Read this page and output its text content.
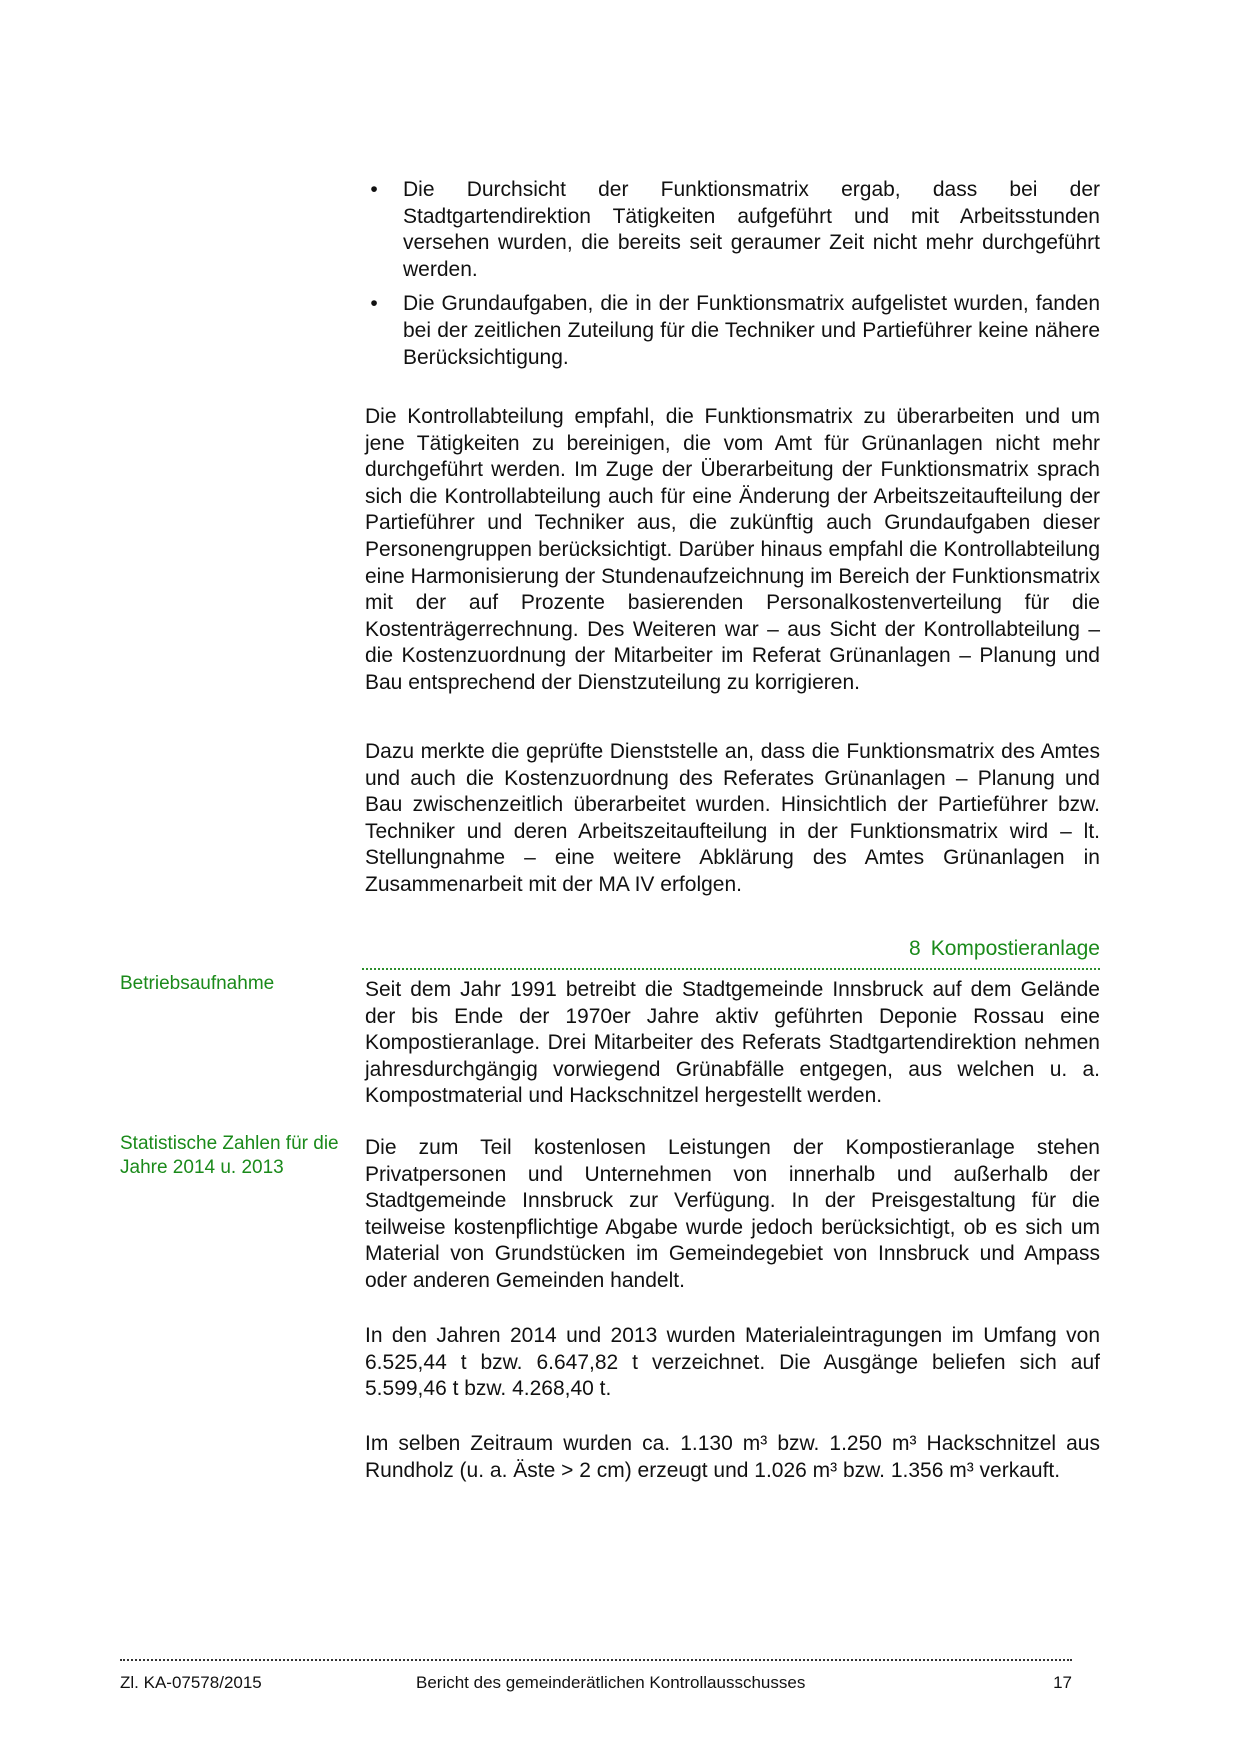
• Die Durchsicht der Funktionsmatrix ergab, dass bei der Stadtgartendirektion Tätigkeiten aufgeführt und mit Arbeitsstunden versehen wurden, die bereits seit geraumer Zeit nicht mehr durchgeführt werden.

• Die Grundaufgaben, die in der Funktionsmatrix aufgelistet wurden, fanden bei der zeitlichen Zuteilung für die Techniker und Partieführer keine nähere Berücksichtigung.

Die Kontrollabteilung empfahl, die Funktionsmatrix zu überarbeiten und um jene Tätigkeiten zu bereinigen, die vom Amt für Grünanlagen nicht mehr durchgeführt werden. Im Zuge der Überarbeitung der Funktionsmatrix sprach sich die Kontrollabteilung auch für eine Änderung der Arbeitszeitaufteilung der Partieführer und Techniker aus, die zukünftig auch Grundaufgaben dieser Personengruppen berücksichtigt. Darüber hinaus empfahl die Kontrollabteilung eine Harmonisierung der Stundenaufzeichnung im Bereich der Funktionsmatrix mit der auf Prozente basierenden Personalkostenverteilung für die Kostenträgerrechnung. Des Weiteren war – aus Sicht der Kontrollabteilung – die Kostenzuordnung der Mitarbeiter im Referat Grünanlagen – Planung und Bau entsprechend der Dienstzuteilung zu korrigieren.

Dazu merkte die geprüfte Dienststelle an, dass die Funktionsmatrix des Amtes und auch die Kostenzuordnung des Referates Grünanlagen – Planung und Bau zwischenzeitlich überarbeitet wurden. Hinsichtlich der Partieführer bzw. Techniker und deren Arbeitszeitaufteilung in der Funktionsmatrix wird – lt. Stellungnahme – eine weitere Abklärung des Amtes Grünanlagen in Zusammenarbeit mit der MA IV erfolgen.

8 Kompostieranlage
Betriebsaufnahme	Seit dem Jahr 1991 betreibt die Stadtgemeinde Innsbruck auf dem Gelände der bis Ende der 1970er Jahre aktiv geführten Deponie Rossau eine Kompostieranlage. Drei Mitarbeiter des Referats Stadtgartendirektion nehmen jahresdurchgängig vorwiegend Grünabfälle entgegen, aus welchen u. a. Kompostmaterial und Hackschnitzel hergestellt werden.

Statistische Zahlen für die Jahre 2014 u. 2013

Die zum Teil kostenlosen Leistungen der Kompostieranlage stehen Privatpersonen und Unternehmen von innerhalb und außerhalb der Stadtgemeinde Innsbruck zur Verfügung. In der Preisgestaltung für die teilweise kostenpflichtige Abgabe wurde jedoch berücksichtigt, ob es sich um Material von Grundstücken im Gemeindegebiet von Innsbruck und Ampass oder anderen Gemeinden handelt.

In den Jahren 2014 und 2013 wurden Materialeintragungen im Umfang von 6.525,44 t bzw. 6.647,82 t verzeichnet. Die Ausgänge beliefen sich auf 5.599,46 t bzw. 4.268,40 t.

Im selben Zeitraum wurden ca. 1.130 m³ bzw. 1.250 m³ Hackschnitzel aus Rundholz (u. a. Äste > 2 cm) erzeugt und 1.026 m³ bzw. 1.356 m³ verkauft.

Zl. KA-07578/2015	Bericht des gemeinderätlichen Kontrollausschusses	17
